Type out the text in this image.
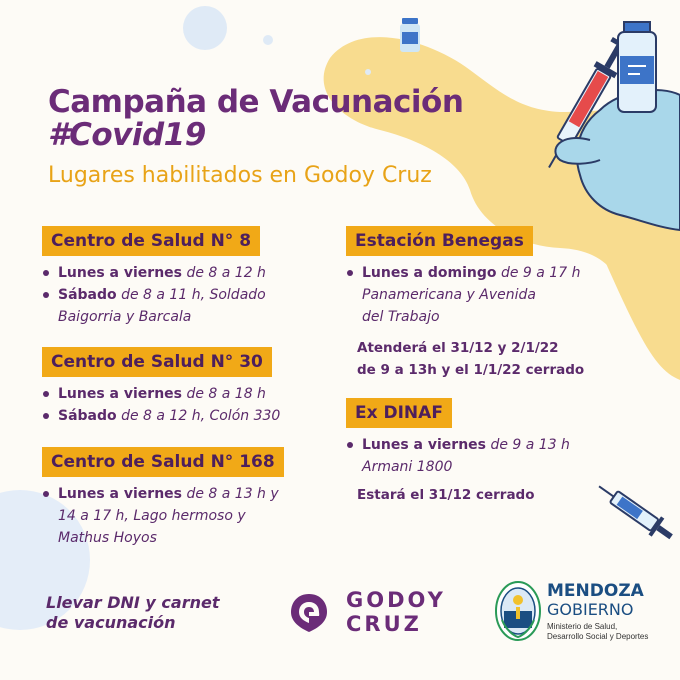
Campaña de Vacunación
#Covid19
Lugares habilitados en Godoy Cruz
Centro de Salud N° 8
Lunes a viernes de 8 a 12 h
Sábado de 8 a 11 h, Soldado
Baigorria y Barcala
Centro de Salud N° 30
Lunes a viernes de 8 a 18 h
Sábado de 8 a 12 h, Colón 330
Centro de Salud N° 168
Lunes a viernes de 8 a 13 h y
14 a 17 h, Lago hermoso y
Mathus Hoyos
Estación Benegas
Lunes a domingo de 9 a 17 h
Panamericana y Avenida
del Trabajo

Atenderá el 31/12 y 2/1/22
de 9 a 13h y el 1/1/22 cerrado

Ex DINAF
Lunes a viernes de 9 a 13 h
Armani 1800

Estará el 31/12 cerrado

Llevar DNI y carnet
de vacunación

GODOY
CRUZ

MENDOZA
GOBIERNO
Ministerio de Salud,
Desarrollo Social y Deportes
